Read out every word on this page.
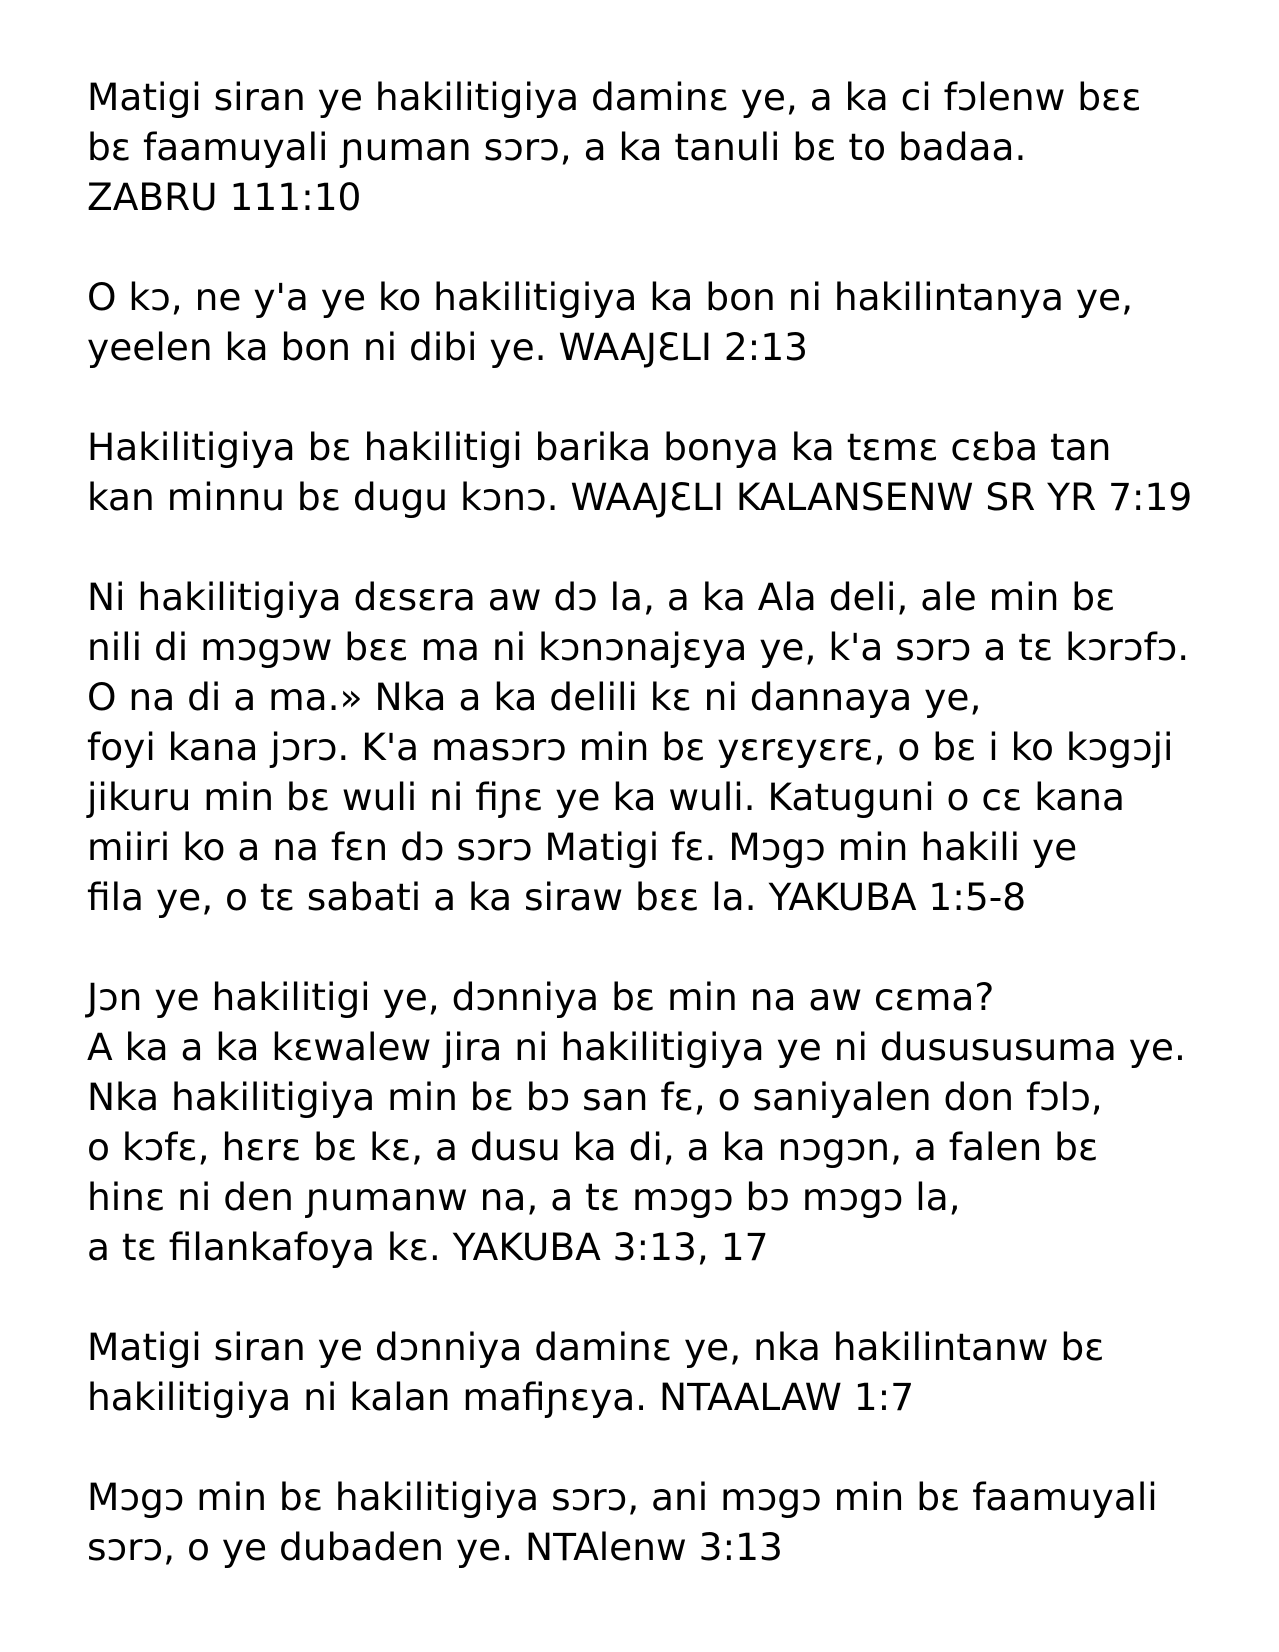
Matigi siran ye hakilitigiya daminɛ ye, a ka ci fɔlenw bɛɛ
bɛ faamuyali ɲuman sɔrɔ, a ka tanuli bɛ to badaa.
ZABRU 111:10
O kɔ, ne y'a ye ko hakilitigiya ka bon ni hakilintanya ye,
yeelen ka bon ni dibi ye. WAAJƐLI 2:13
Hakilitigiya bɛ hakilitigi barika bonya ka tɛmɛ cɛba tan
kan minnu bɛ dugu kɔnɔ. WAAJƐLI KALANSENW SR YR 7:19
Ni hakilitigiya dɛsɛra aw dɔ la, a ka Ala deli, ale min bɛ
nili di mɔgɔw bɛɛ ma ni kɔnɔnajɛya ye, k'a sɔrɔ a tɛ kɔrɔfɔ.
O na di a ma.» Nka a ka delili kɛ ni dannaya ye,
foyi kana jɔrɔ. K'a masɔrɔ min bɛ yɛrɛyɛrɛ, o bɛ i ko kɔgɔji
jikuru min bɛ wuli ni fiɲɛ ye ka wuli. Katuguni o cɛ kana
miiri ko a na fɛn dɔ sɔrɔ Matigi fɛ. Mɔgɔ min hakili ye
fila ye, o tɛ sabati a ka siraw bɛɛ la. YAKUBA 1:5-8
Jɔn ye hakilitigi ye, dɔnniya bɛ min na aw cɛma?
A ka a ka kɛwalew jira ni hakilitigiya ye ni dusususuma ye.
Nka hakilitigiya min bɛ bɔ san fɛ, o saniyalen don fɔlɔ,
o kɔfɛ, hɛrɛ bɛ kɛ, a dusu ka di, a ka nɔgɔn, a falen bɛ
hinɛ ni den ɲumanw na, a tɛ mɔgɔ bɔ mɔgɔ la,
a tɛ filankafoya kɛ. YAKUBA 3:13, 17
Matigi siran ye dɔnniya daminɛ ye, nka hakilintanw bɛ
hakilitigiya ni kalan mafiɲɛya. NTAALAW 1:7
Mɔgɔ min bɛ hakilitigiya sɔrɔ, ani mɔgɔ min bɛ faamuyali
sɔrɔ, o ye dubaden ye. NTAlenw 3:13
